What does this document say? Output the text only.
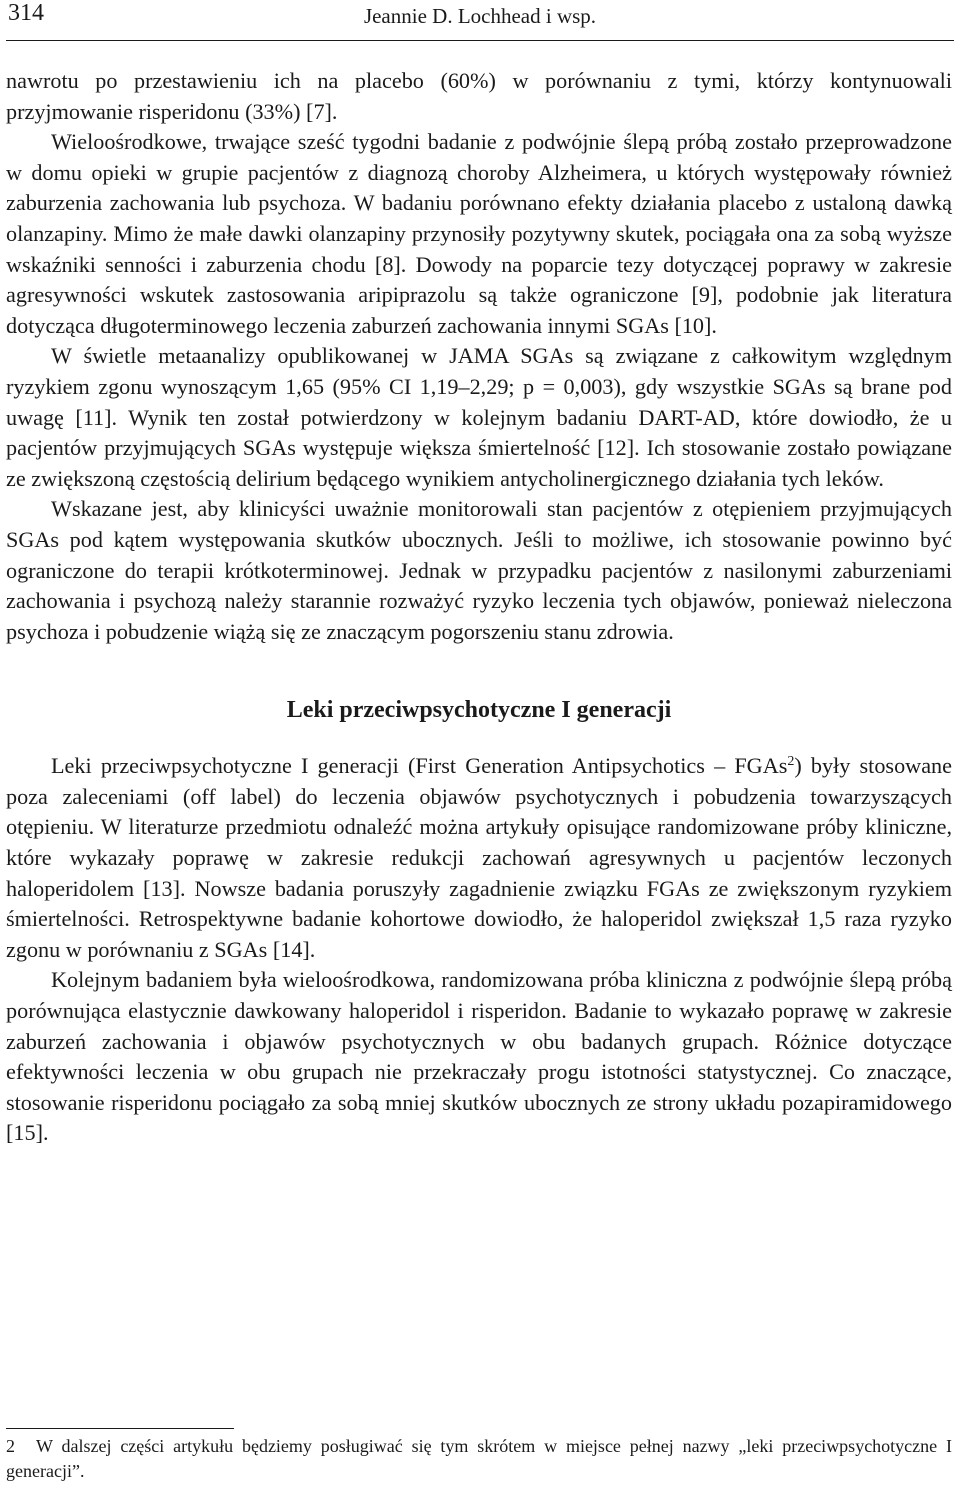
314	Jeannie D. Lochhead i wsp.

nawrotu po przestawieniu ich na placebo (60%) w porównaniu z tymi, którzy kontynuowali przyjmowanie risperidonu (33%) [7].

Wieloośrodkowe, trwające sześć tygodni badanie z podwójnie ślepą próbą zostało przeprowadzone w domu opieki w grupie pacjentów z diagnozą choroby Alzheimera, u których występowały również zaburzenia zachowania lub psychoza. W badaniu porównano efekty działania placebo z ustaloną dawką olanzapiny. Mimo że małe dawki olanzapiny przynosiły pozytywny skutek, pociągała ona za sobą wyższe wskaźniki senności i zaburzenia chodu [8]. Dowody na poparcie tezy dotyczącej poprawy w zakresie agresywności wskutek zastosowania aripiprazolu są także ograniczone [9], podobnie jak literatura dotycząca długoterminowego leczenia zaburzeń zachowania innymi SGAs [10].

W świetle metaanalizy opublikowanej w JAMA SGAs są związane z całkowitym względnym ryzykiem zgonu wynoszącym 1,65 (95% CI 1,19–2,29; p = 0,003), gdy wszystkie SGAs są brane pod uwagę [11]. Wynik ten został potwierdzony w kolejnym badaniu DART-AD, które dowiodło, że u pacjentów przyjmujących SGAs występuje większa śmiertelność [12]. Ich stosowanie zostało powiązane ze zwiększoną częstością delirium będącego wynikiem antycholinergicznego działania tych leków.

Wskazane jest, aby klinicyści uważnie monitorowali stan pacjentów z otępieniem przyjmujących SGAs pod kątem występowania skutków ubocznych. Jeśli to możliwe, ich stosowanie powinno być ograniczone do terapii krótkoterminowej. Jednak w przypadku pacjentów z nasilonymi zaburzeniami zachowania i psychozą należy starannie rozważyć ryzyko leczenia tych objawów, ponieważ nieleczona psychoza i pobudzenie wiążą się ze znaczącym pogorszeniu stanu zdrowia.

Leki przeciwpsychotyczne I generacji

Leki przeciwpsychotyczne I generacji (First Generation Antipsychotics – FGAs$^2$) były stosowane poza zaleceniami (off label) do leczenia objawów psychotycznych i pobudzenia towarzyszących otępieniu. W literaturze przedmiotu odnaleźć można artykuły opisujące randomizowane próby kliniczne, które wykazały poprawę w zakresie redukcji zachowań agresywnych u pacjentów leczonych haloperidolem [13]. Nowsze badania poruszyły zagadnienie związku FGAs ze zwiększonym ryzykiem śmiertelności. Retrospektywne badanie kohortowe dowiodło, że haloperidol zwiększał 1,5 raza ryzyko zgonu w porównaniu z SGAs [14].

Kolejnym badaniem była wieloośrodkowa, randomizowana próba kliniczna z podwójnie ślepą próbą porównująca elastycznie dawkowany haloperidol i risperidon. Badanie to wykazało poprawę w zakresie zaburzeń zachowania i objawów psychotycznych w obu badanych grupach. Różnice dotyczące efektywności leczenia w obu grupach nie przekraczały progu istotności statystycznej. Co znaczące, stosowanie risperidonu pociągało za sobą mniej skutków ubocznych ze strony układu pozapiramidowego [15].

2 W dalszej części artykułu będziemy posługiwać się tym skrótem w miejsce pełnej nazwy „leki przeciwpsychotyczne I generacji”.
